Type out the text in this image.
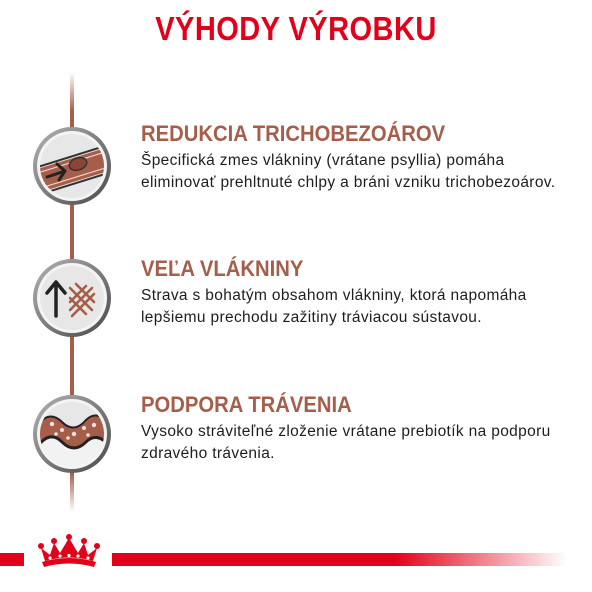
VÝHODY VÝROBKU
REDUKCIA TRICHOBEZOÁROV
Špecifická zmes vlákniny (vrátane psyllia) pomáha eliminovať prehltnuté chlpy a bráni vzniku trichobezoárov.
VEĽA VLÁKNINY
Strava s bohatým obsahom vlákniny, ktorá napomáha lepšiemu prechodu zažitiny tráviacou sústavou.
PODPORA TRÁVENIA
Vysoko stráviteľné zloženie vrátane prebiotík na podporu zdravého trávenia.
